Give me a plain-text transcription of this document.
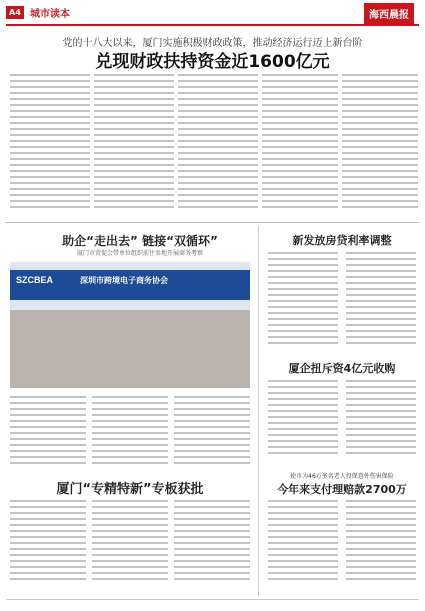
A4 城市读本	海西晨报
党的十八大以来，厦门实施积极财政政策，推动经济运行迈上新台阶
兑现财政扶持资金近1600亿元
助企“走出去” 链接“双循环”
厦门市贸促会带单位组织前往参地开展商务考察
SZCBEA	深圳市跨境电子商务协会
新发放房贷利率调整
厦企扭斥资4亿元收购
使市为46万多名老人投保意外伤害保险
今年来支付理赔款2700万
厦门“专精特新”专板获批
